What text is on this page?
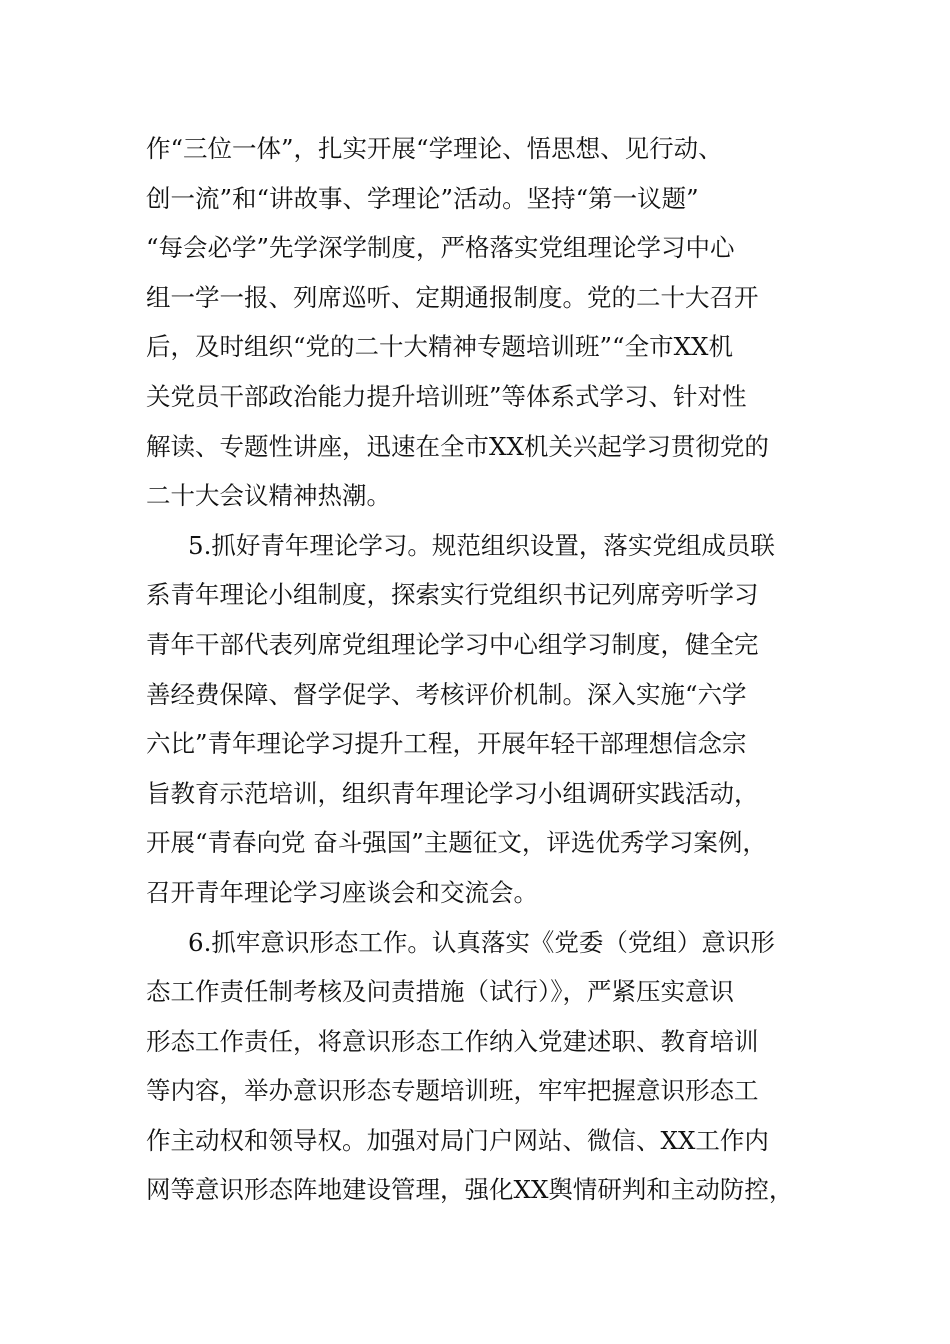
作“三位一体”，扎实开展“学理论、悟思想、见行动、
创一流”和“讲故事、学理论”活动。坚持“第一议题”
“每会必学”先学深学制度，严格落实党组理论学习中心
组一学一报、列席巡听、定期通报制度。党的二十大召开
后，及时组织“党的二十大精神专题培训班”“全市XX机
关党员干部政治能力提升培训班”等体系式学习、针对性
解读、专题性讲座，迅速在全市XX机关兴起学习贯彻党的
二十大会议精神热潮。
5.抓好青年理论学习。规范组织设置，落实党组成员联
系青年理论小组制度，探索实行党组织书记列席旁听学习
青年干部代表列席党组理论学习中心组学习制度，健全完
善经费保障、督学促学、考核评价机制。深入实施“六学
六比”青年理论学习提升工程，开展年轻干部理想信念宗
旨教育示范培训，组织青年理论学习小组调研实践活动，
开展“青春向党 奋斗强国”主题征文，评选优秀学习案例，
召开青年理论学习座谈会和交流会。
6.抓牢意识形态工作。认真落实《党委（党组）意识形
态工作责任制考核及问责措施（试行）》，严紧压实意识
形态工作责任，将意识形态工作纳入党建述职、教育培训
等内容，举办意识形态专题培训班，牢牢把握意识形态工
作主动权和领导权。加强对局门户网站、微信、XX工作内
网等意识形态阵地建设管理，强化XX舆情研判和主动防控，
